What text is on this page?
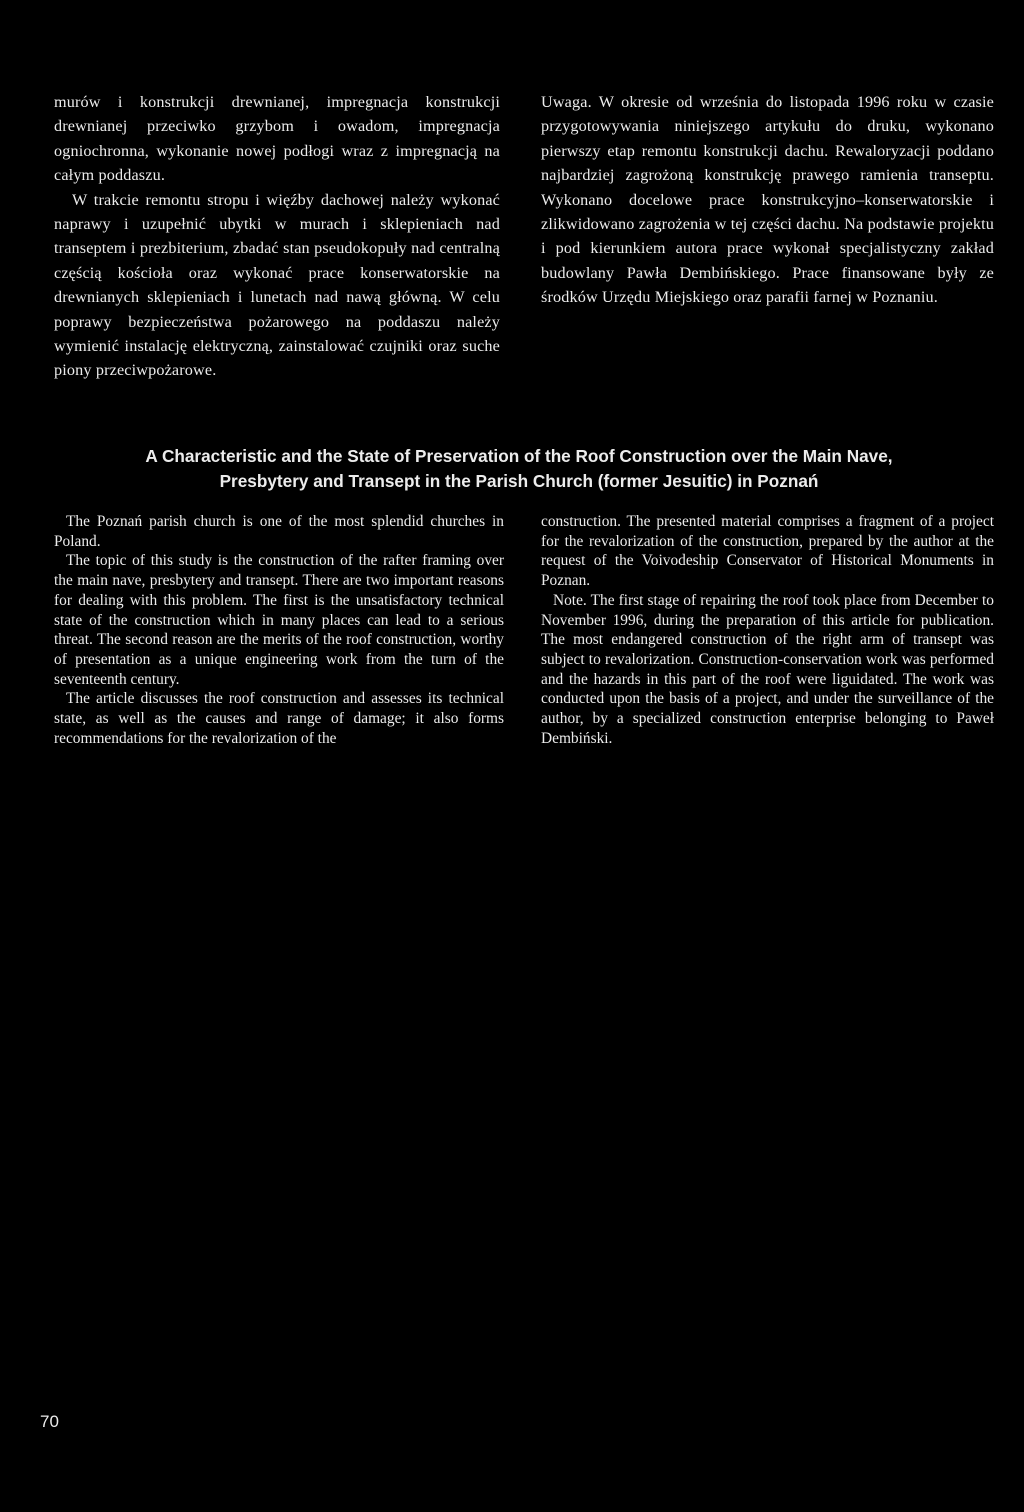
murów i konstrukcji drewnianej, impregnacja konstrukcji drewnianej przeciwko grzybom i owadom, impregnacja ogniochronna, wykonanie nowej podłogi wraz z impregnacją na całym poddaszu.

W trakcie remontu stropu i więźby dachowej należy wykonać naprawy i uzupełnić ubytki w murach i sklepieniach nad transeptem i prezbiterium, zbadać stan pseudokopuły nad centralną częścią kościoła oraz wykonać prace konserwatorskie na drewnianych sklepieniach i lunetach nad nawą główną. W celu poprawy bezpieczeństwa pożarowego na poddaszu należy wymienić instalację elektryczną, zainstalować czujniki oraz suche piony przeciwpożarowe.

Uwaga. W okresie od września do listopada 1996 roku w czasie przygotowywania niniejszego artykułu do druku, wykonano pierwszy etap remontu konstrukcji dachu. Rewaloryzacji poddano najbardziej zagrożoną konstrukcję prawego ramienia transeptu. Wykonano docelowe prace konstrukcyjno–konserwatorskie i zlikwidowano zagrożenia w tej części dachu. Na podstawie projektu i pod kierunkiem autora prace wykonał specjalistyczny zakład budowlany Pawła Dembińskiego. Prace finansowane były ze środków Urzędu Miejskiego oraz parafii farnej w Poznaniu.

A Characteristic and the State of Preservation of the Roof Construction over the Main Nave,
Presbytery and Transept in the Parish Church (former Jesuitic) in Poznań

The Poznań parish church is one of the most splendid churches in Poland.

The topic of this study is the construction of the rafter framing over the main nave, presbytery and transept. There are two important reasons for dealing with this problem. The first is the unsatisfactory technical state of the construction which in many places can lead to a serious threat. The second reason are the merits of the roof construction, worthy of presentation as a unique engineering work from the turn of the seventeenth century.

The article discusses the roof construction and assesses its technical state, as well as the causes and range of damage; it also forms recommendations for the revalorization of the

construction. The presented material comprises a fragment of a project for the revalorization of the construction, prepared by the author at the request of the Voivodeship Conservator of Historical Monuments in Poznan.

Note. The first stage of repairing the roof took place from December to November 1996, during the preparation of this article for publication. The most endangered construction of the right arm of transept was subject to revalorization. Construction-conservation work was performed and the hazards in this part of the roof were liguidated. The work was conducted upon the basis of a project, and under the surveillance of the author, by a specialized construction enterprise belonging to Paweł Dembiński.

70
